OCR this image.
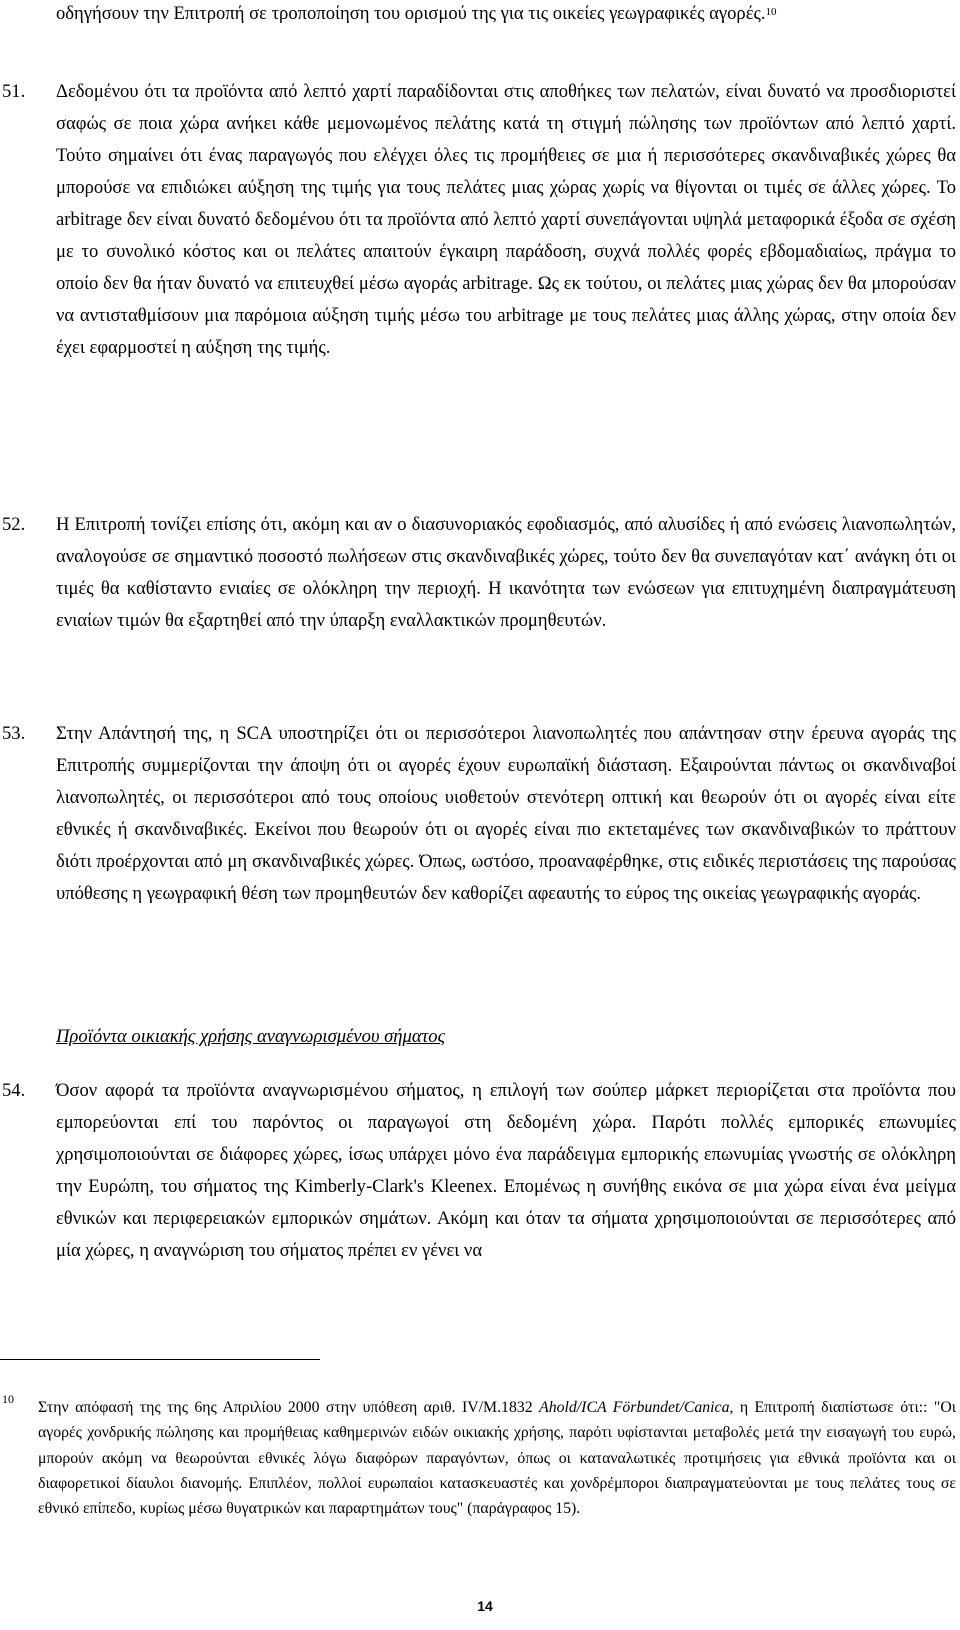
οδηγήσουν την Επιτροπή σε τροποποίηση του ορισμού της για τις οικείες γεωγραφικές αγορές.$^{10}$
51.	Δεδομένου ότι τα προϊόντα από λεπτό χαρτί παραδίδονται στις αποθήκες των πελατών, είναι δυνατό να προσδιοριστεί σαφώς σε ποια χώρα ανήκει κάθε μεμονωμένος πελάτης κατά τη στιγμή πώλησης των προϊόντων από λεπτό χαρτί. Τούτο σημαίνει ότι ένας παραγωγός που ελέγχει όλες τις προμήθειες σε μια ή περισσότερες σκανδιναβικές χώρες θα μπορούσε να επιδιώκει αύξηση της τιμής για τους πελάτες μιας χώρας χωρίς να θίγονται οι τιμές σε άλλες χώρες. Το arbitrage δεν είναι δυνατό δεδομένου ότι τα προϊόντα από λεπτό χαρτί συνεπάγονται υψηλά μεταφορικά έξοδα σε σχέση με το συνολικό κόστος και οι πελάτες απαιτούν έγκαιρη παράδοση, συχνά πολλές φορές εβδομαδιαίως, πράγμα το οποίο δεν θα ήταν δυνατό να επιτευχθεί μέσω αγοράς arbitrage. Ως εκ τούτου, οι πελάτες μιας χώρας δεν θα μπορούσαν να αντισταθμίσουν μια παρόμοια αύξηση τιμής μέσω του arbitrage με τους πελάτες μιας άλλης χώρας, στην οποία δεν έχει εφαρμοστεί η αύξηση της τιμής.
52.	Η Επιτροπή τονίζει επίσης ότι, ακόμη και αν ο διασυνοριακός εφοδιασμός, από αλυσίδες ή από ενώσεις λιανοπωλητών, αναλογούσε σε σημαντικό ποσοστό πωλήσεων στις σκανδιναβικές χώρες, τούτο δεν θα συνεπαγόταν κατ΄ ανάγκη ότι οι τιμές θα καθίσταντο ενιαίες σε ολόκληρη την περιοχή. Η ικανότητα των ενώσεων για επιτυχημένη διαπραγμάτευση ενιαίων τιμών θα εξαρτηθεί από την ύπαρξη εναλλακτικών προμηθευτών.
53.	Στην Απάντησή της, η SCA υποστηρίζει ότι οι περισσότεροι λιανοπωλητές που απάντησαν στην έρευνα αγοράς της Επιτροπής συμμερίζονται την άποψη ότι οι αγορές έχουν ευρωπαϊκή διάσταση. Εξαιρούνται πάντως οι σκανδιναβοί λιανοπωλητές, οι περισσότεροι από τους οποίους υιοθετούν στενότερη οπτική και θεωρούν ότι οι αγορές είναι είτε εθνικές ή σκανδιναβικές. Εκείνοι που θεωρούν ότι οι αγορές είναι πιο εκτεταμένες των σκανδιναβικών το πράττουν διότι προέρχονται από μη σκανδιναβικές χώρες. Όπως, ωστόσο, προαναφέρθηκε, στις ειδικές περιστάσεις της παρούσας υπόθεσης η γεωγραφική θέση των προμηθευτών δεν καθορίζει αφεαυτής το εύρος της οικείας γεωγραφικής αγοράς.
Προϊόντα οικιακής χρήσης αναγνωρισμένου σήματος
54.	Όσον αφορά τα προϊόντα αναγνωρισμένου σήματος, η επιλογή των σούπερ μάρκετ περιορίζεται στα προϊόντα που εμπορεύονται επί του παρόντος οι παραγωγοί στη δεδομένη χώρα. Παρότι πολλές εμπορικές επωνυμίες χρησιμοποιούνται σε διάφορες χώρες, ίσως υπάρχει μόνο ένα παράδειγμα εμπορικής επωνυμίας γνωστής σε ολόκληρη την Ευρώπη, του σήματος της Kimberly-Clark's Kleenex. Επομένως η συνήθης εικόνα σε μια χώρα είναι ένα μείγμα εθνικών και περιφερειακών εμπορικών σημάτων. Ακόμη και όταν τα σήματα χρησιμοποιούνται σε περισσότερες από μία χώρες, η αναγνώριση του σήματος πρέπει εν γένει να
10 Στην απόφασή της της 6ης Απριλίου 2000 στην υπόθεση αριθ. IV/M.1832 Ahold/ICA Förbundet/Canica, η Επιτροπή διαπίστωσε ότι:: "Οι αγορές χονδρικής πώλησης και προμήθειας καθημερινών ειδών οικιακής χρήσης, παρότι υφίστανται μεταβολές μετά την εισαγωγή του ευρώ, μπορούν ακόμη να θεωρούνται εθνικές λόγω διαφόρων παραγόντων, όπως οι καταναλωτικές προτιμήσεις για εθνικά προϊόντα και οι διαφορετικοί δίαυλοι διανομής. Επιπλέον, πολλοί ευρωπαίοι κατασκευαστές και χονδρέμποροι διαπραγματεύονται με τους πελάτες τους σε εθνικό επίπεδο, κυρίως μέσω θυγατρικών και παραρτημάτων τους" (παράγραφος 15).
14
